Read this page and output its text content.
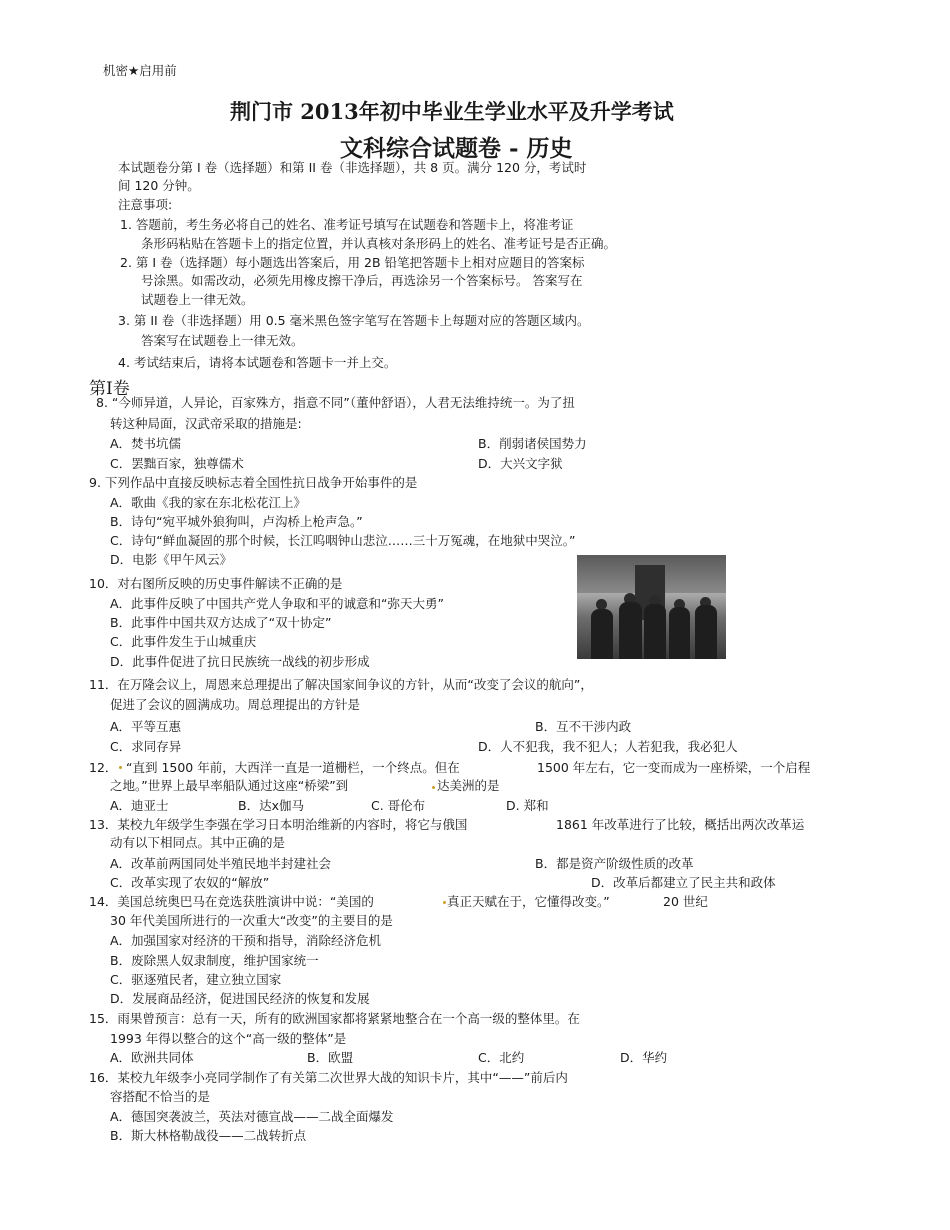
机密★启用前
荆门市 2013年初中毕业生学业水平及升学考试
文科综合试题卷 - 历史
本试题卷分第 I 卷（选择题）和第 II 卷（非选择题），共 8 页。满分 120 分，考试时
间 120 分钟。
注意事项:
1. 答题前，考生务必将自己的姓名、准考证号填写在试题卷和答题卡上，将准考证
条形码粘贴在答题卡上的指定位置，并认真核对条形码上的姓名、准考证号是否正确。
2. 第 I 卷（选择题）每小题选出答案后，用 2B 铅笔把答题卡上相对应题目的答案标
号涂黑。如需改动，必须先用橡皮擦干净后，再选涂另一个答案标号。 答案写在
试题卷上一律无效。
3. 第 II 卷（非选择题）用 0.5 毫米黑色签字笔写在答题卡上每题对应的答题区域内。
答案写在试题卷上一律无效。
4. 考试结束后，请将本试题卷和答题卡一并上交。
第Ⅰ卷
8. “今师异道，人异论，百家殊方，指意不同”（董仲舒语），人君无法维持统一。为了扭
转这种局面，汉武帝采取的措施是:
A．焚书坑儒	B．削弱诸侯国势力
C．罢黜百家，独尊儒术	D．大兴文字狱
9. 下列作品中直接反映标志着全国性抗日战争开始事件的是
A．歌曲《我的家在东北松花江上》
B．诗句“宛平城外狼狗叫，卢沟桥上枪声急。”
C．诗句“鲜血凝固的那个时候，长江呜咽钟山悲泣……三十万冤魂，在地狱中哭泣。”
D．电影《甲午风云》
10．对右图所反映的历史事件解读不正确的是
A．此事件反映了中国共产党人争取和平的诚意和“弥天大勇”
B．此事件中国共双方达成了“双十协定”
C．此事件发生于山城重庆
D．此事件促进了抗日民族统一战线的初步形成
11．在万隆会议上，周恩来总理提出了解决国家间争议的方针，从而“改变了会议的航向”，
促进了会议的圆满成功。周总理提出的方针是
A．平等互惠	B．互不干涉内政
C．求同存异	D．人不犯我，我不犯人；人若犯我，我必犯人
12． “直到 1500 年前，大西洋一直是一道栅栏，一个终点。但在	1500 年左右，它一变而成为一座桥梁，一个启程
之地。”世界上最早率船队通过这座“桥梁”到	达美洲的是
A．迪亚士	B．达ⅹ伽马	C. 哥伦布	D. 郑和
13．某校九年级学生李强在学习日本明治维新的内容时，将它与俄国	1861 年改革进行了比较，概括出两次改革运
动有以下相同点。其中正确的是
A．改革前两国同处半殖民地半封建社会	B．都是资产阶级性质的改革
C．改革实现了农奴的“解放”	D．改革后都建立了民主共和政体
14．美国总统奥巴马在竞选获胜演讲中说：“美国的	真正天赋在于，它懂得改变。”	20 世纪
30 年代美国所进行的一次重大“改变”的主要目的是
A．加强国家对经济的干预和指导，消除经济危机
B．废除黑人奴隶制度，维护国家统一
C．驱逐殖民者，建立独立国家
D．发展商品经济，促进国民经济的恢复和发展
15．雨果曾预言：总有一天，所有的欧洲国家都将紧紧地整合在一个高一级的整体里。在
1993 年得以整合的这个“高一级的整体”是
A．欧洲共同体	B．欧盟	C．北约	D．华约
16．某校九年级李小亮同学制作了有关第二次世界大战的知识卡片，其中“——”前后内
容搭配不恰当的是
A．德国突袭波兰，英法对德宣战——二战全面爆发
B．斯大林格勒战役——二战转折点
